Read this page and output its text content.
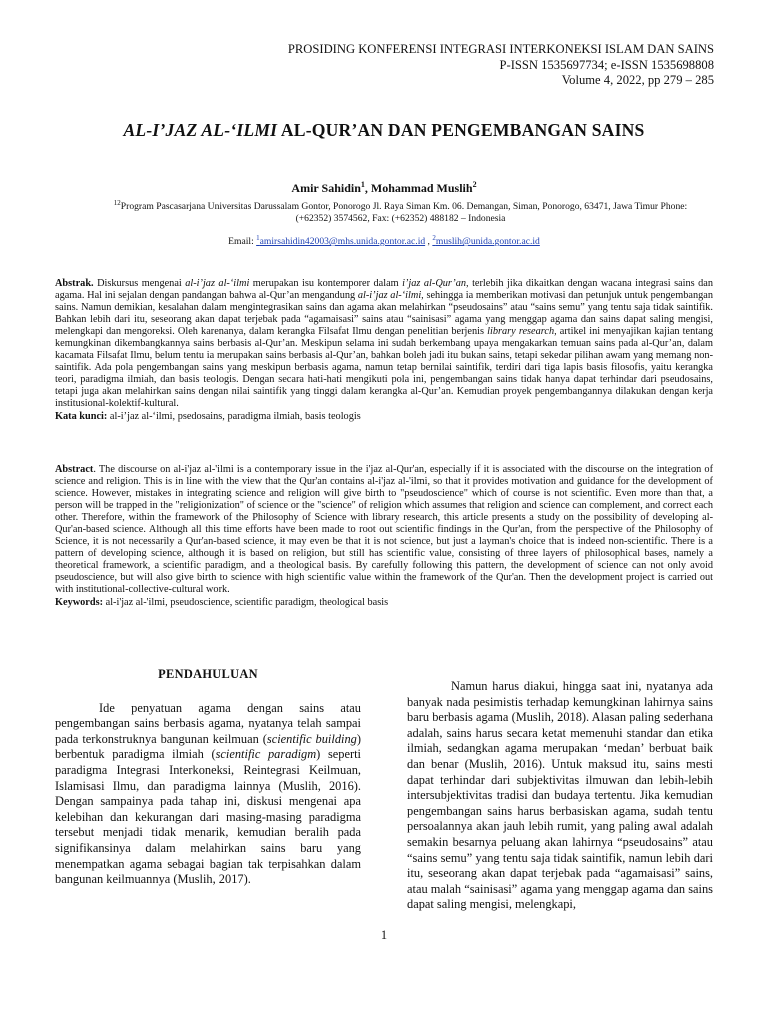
PROSIDING KONFERENSI INTEGRASI INTERKONEKSI ISLAM DAN SAINS
P-ISSN 1535697734; e-ISSN 1535698808
Volume 4, 2022, pp 279 – 285
AL-I’JAZ AL-‘ILMI AL-QUR’AN DAN PENGEMBANGAN SAINS
Amir Sahidin$^1$, Mohammad Muslih$^2$
$^{12}$Program Pascasarjana Universitas Darussalam Gontor, Ponorogo Jl. Raya Siman Km. 06. Demangan, Siman, Ponorogo, 63471, Jawa Timur Phone:
(+62352) 3574562, Fax: (+62352) 488182 – Indonesia
Email: $^1$amirsahidin42003@mhs.unida.gontor.ac.id , $^2$muslih@unida.gontor.ac.id

Abstrak. Diskursus mengenai al-i’jaz al-‘ilmi merupakan isu kontemporer dalam i’jaz al-Qur’an, terlebih jika dikaitkan dengan wacana integrasi sains dan agama. Hal ini sejalan dengan pandangan bahwa al-Qur’an mengandung al-i’jaz al-‘ilmi, sehingga ia memberikan motivasi dan petunjuk untuk pengembangan sains. Namun demikian, kesalahan dalam mengintegrasikan sains dan agama akan melahirkan “pseudosains” atau “sains semu” yang tentu saja tidak saintifik. Bahkan lebih dari itu, seseorang akan dapat terjebak pada “agamaisasi” sains atau “sainisasi” agama yang menggap agama dan sains dapat saling mengisi, melengkapi dan mengoreksi. Oleh karenanya, dalam kerangka Filsafat Ilmu dengan penelitian berjenis library research, artikel ini menyajikan kajian tentang kemungkinan dikembangkannya sains berbasis al-Qur’an. Meskipun selama ini sudah berkembang upaya mengakarkan temuan sains pada al-Qur’an, dalam kacamata Filsafat Ilmu, belum tentu ia merupakan sains berbasis al-Qur’an, bahkan boleh jadi itu bukan sains, tetapi sekedar pilihan awam yang memang non-saintifik. Ada pola pengembangan sains yang meskipun berbasis agama, namun tetap bernilai saintifik, terdiri dari tiga lapis basis filosofis, yaitu kerangka teori, paradigma ilmiah, dan basis teologis. Dengan secara hati-hati mengikuti pola ini, pengembangan sains tidak hanya dapat terhindar dari pseudosains, tetapi juga akan melahirkan sains dengan nilai saintifik yang tinggi dalam kerangka al-Qur’an. Kemudian proyek pengembangannya dilakukan dengan kerja institusional-kolektif-kultural.

Kata kunci: al-i’jaz al-‘ilmi, psedosains, paradigma ilmiah, basis teologis

Abstract. The discourse on al-i'jaz al-'ilmi is a contemporary issue in the i'jaz al-Qur'an, especially if it is associated with the discourse on the integration of science and religion. This is in line with the view that the Qur'an contains al-i'jaz al-'ilmi, so that it provides motivation and guidance for the development of science. However, mistakes in integrating science and religion will give birth to "pseudoscience" which of course is not scientific. Even more than that, a person will be trapped in the "religionization" of science or the "science" of religion which assumes that religion and science can complement, and correct each other. Therefore, within the framework of the Philosophy of Science with library research, this article presents a study on the possibility of developing al-Qur'an-based science. Although all this time efforts have been made to root out scientific findings in the Qur'an, from the perspective of the Philosophy of Science, it is not necessarily a Qur'an-based science, it may even be that it is not science, but just a layman's choice that is indeed non-scientific. There is a pattern of developing science, although it is based on religion, but still has scientific value, consisting of three layers of philosophical bases, namely a theoretical framework, a scientific paradigm, and a theological basis. By carefully following this pattern, the development of science can not only avoid pseudoscience, but will also give birth to science with high scientific value within the framework of the Qur'an. Then the development project is carried out with institutional-collective-cultural work.

Keywords: al-i'jaz al-'ilmi, pseudoscience, scientific paradigm, theological basis

PENDAHULUAN

Ide penyatuan agama dengan sains atau pengembangan sains berbasis agama, nyatanya telah sampai pada terkonstruknya bangunan keilmuan (scientific building) berbentuk paradigma ilmiah (scientific paradigm) seperti paradigma Integrasi Interkoneksi, Reintegrasi Keilmuan, Islamisasi Ilmu, dan paradigma lainnya (Muslih, 2016). Dengan sampainya pada tahap ini, diskusi mengenai apa kelebihan dan kekurangan dari masing-masing paradigma tersebut menjadi tidak menarik, kemudian beralih pada signifikansinya dalam melahirkan sains baru yang menempatkan agama sebagai bagian tak terpisahkan dalam bangunan keilmuannya (Muslih, 2017).

Namun harus diakui, hingga saat ini, nyatanya ada banyak nada pesimistis terhadap kemungkinan lahirnya sains baru berbasis agama (Muslih, 2018). Alasan paling sederhana adalah, sains harus secara ketat memenuhi standar dan etika ilmiah, sedangkan agama merupakan ‘medan’ berbuat baik dan benar (Muslih, 2016). Untuk maksud itu, sains mesti dapat terhindar dari subjektivitas ilmuwan dan lebih-lebih intersubjektivitas tradisi dan budaya tertentu. Jika kemudian pengembangan sains harus berbasiskan agama, sudah tentu persoalannya akan jauh lebih rumit, yang paling awal adalah semakin besarnya peluang akan lahirnya “pseudosains” atau “sains semu” yang tentu saja tidak saintifik, namun lebih dari itu, seseorang akan dapat terjebak pada “agamaisasi” sains, atau malah “sainisasi” agama yang menggap agama dan sains dapat saling mengisi, melengkapi,

1
